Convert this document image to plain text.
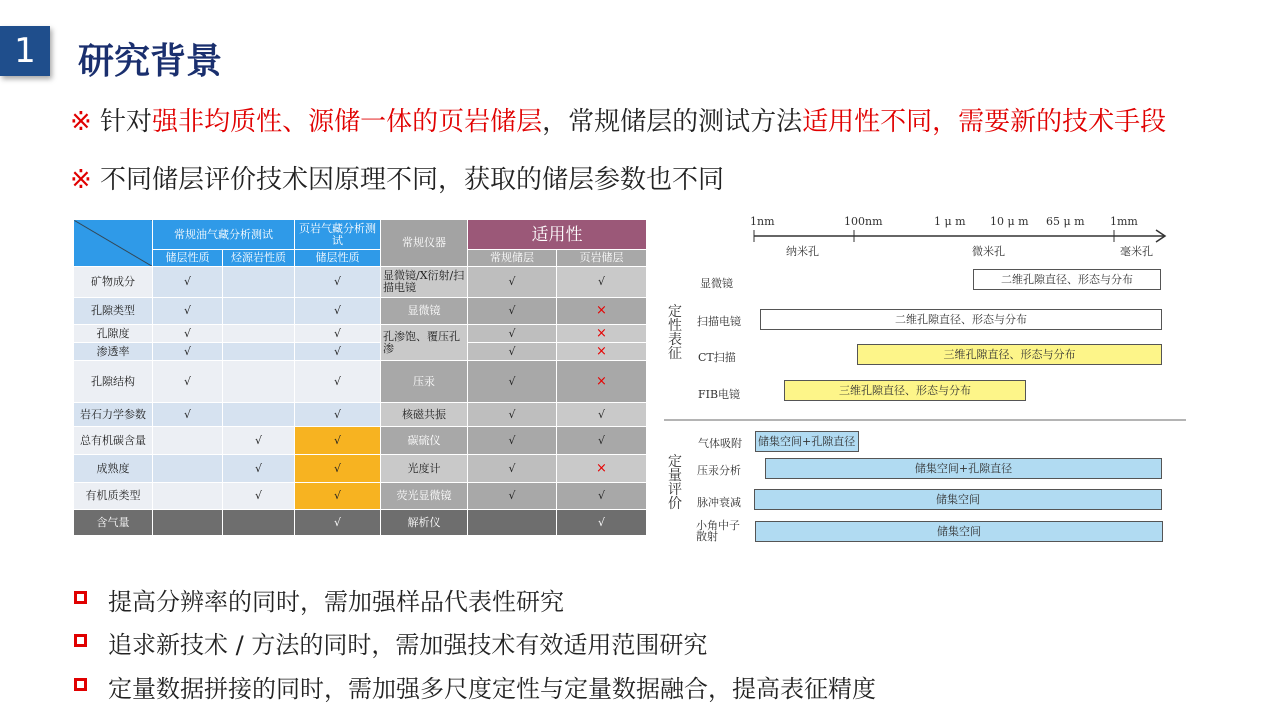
1	研究背景
※ 针对强非均质性、源储一体的页岩储层，常规储层的测试方法适用性不同，需要新的技术手段
※ 不同储层评价技术因原理不同，获取的储层参数也不同
	常规油气藏分析测试		页岩气藏分析测试	常规仪器	适用性	
	储层性质	烃源岩性质	储层性质		常规储层	页岩储层
矿物成分	√		√	显微镜/X衍射/扫描电镜	√	√
孔隙类型	√		√	显微镜	√	×
孔隙度	√		√	孔渗饱、覆压孔渗	√	×
渗透率	√		√		√	×
孔隙结构	√		√	压汞	√	×
岩石力学参数	√		√	核磁共振	√	√
总有机碳含量		√	√	碳硫仪	√	√
成熟度		√	√	光度计	√	×
有机质类型		√	√	荧光显微镜	√	√
含气量			√	解析仪		√
1nm	100nm	1 μ m 10 μ m 65 μ m 1mm
纳米孔	微米孔	毫米孔
定性表征
定量评价
显微镜	二维孔隙直径、形态与分布
扫描电镜	二维孔隙直径、形态与分布
CT扫描	三维孔隙直径、形态与分布
FIB电镜	三维孔隙直径、形态与分布
气体吸附 储集空间+孔隙直径
压汞分析	储集空间+孔隙直径
脉冲衰减	储集空间
小角中子散射	储集空间
提高分辨率的同时，需加强样品代表性研究
追求新技术 / 方法的同时，需加强技术有效适用范围研究
定量数据拼接的同时，需加强多尺度定性与定量数据融合，提高表征精度
